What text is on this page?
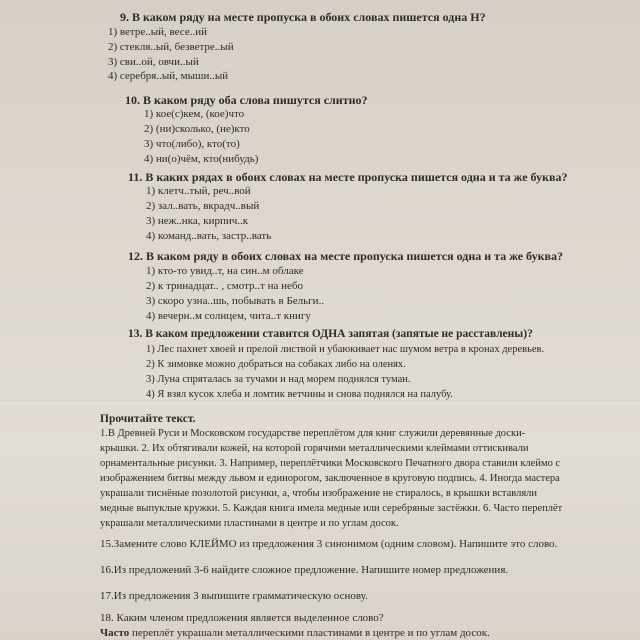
9. В каком ряду на месте пропуска в обоих словах пишется одна Н?
1) ветре..ый, весе..ий
2) стекля..ый, безветре..ый
3) сви..ой, овчи..ый
4) серебря..ый, мыши..ый
10. В каком ряду оба слова пишутся слитно?
1) кое(с)кем, (кое)что
2) (ни)сколько, (не)кто
3) что(либо), кто(то)
4) ни(о)чём, кто(нибудь)
11. В каких рядах в обоих словах на месте пропуска пишется одна и та же буква?
1) клетч..тый, реч..вой
2) зал..вать, вкрадч..вый
3) неж..нка, кирпич..к
4) команд..вать, застр..вать
12. В каком ряду в обоих словах на месте пропуска пишется одна и та же буква?
1) кто-то увид..т, на син..м облаке
2) к тринадцат.. , смотр..т на небо
3) скоро узна..шь, побывать в Бельги..
4) вечерн..м солнцем, чита..т книгу
13. В каком предложении ставится ОДНА запятая (запятые не расставлены)?
1) Лес пахнет хвоей и прелой листвой и убаюкивает нас шумом ветра в кронах деревьев.
2) К зимовке можно добраться на собаках либо на оленях.
3) Луна спряталась за тучами и над морем поднялся туман.
4) Я взял кусок хлеба и ломтик ветчины и снова поднялся на палубу.
Прочитайте текст.
1.В Древней Руси и Московском государстве переплётом для книг служили деревянные доски-
крышки. 2. Их обтягивали кожей, на которой горячими металлическими клеймами оттискивали
орнаментальные рисунки. 3. Например, переплётчики Московского Печатного двора ставили клеймо с
изображением битвы между львом и единорогом, заключенное в круговую подпись. 4. Иногда мастера
украшали тиснёные позолотой рисунки, а, чтобы изображение не стиралось, в крышки вставляли
медные выпуклые кружки. 5. Каждая книга имела медные или серебряные застёжки. 6. Часто переплёт
украшали металлическими пластинами в центре и по углам досок.
15.Замените слово КЛЕЙМО из предложения 3 синонимом (одним словом). Напишите это слово.
16.Из предложений 3-6 найдите сложное предложение. Напишите номер предложения.
17.Из предложения 3 выпишите грамматическую основу.
18. Каким членом предложения является выделенное слово?
Часто переплёт украшали металлическими пластинами в центре и по углам досок.
